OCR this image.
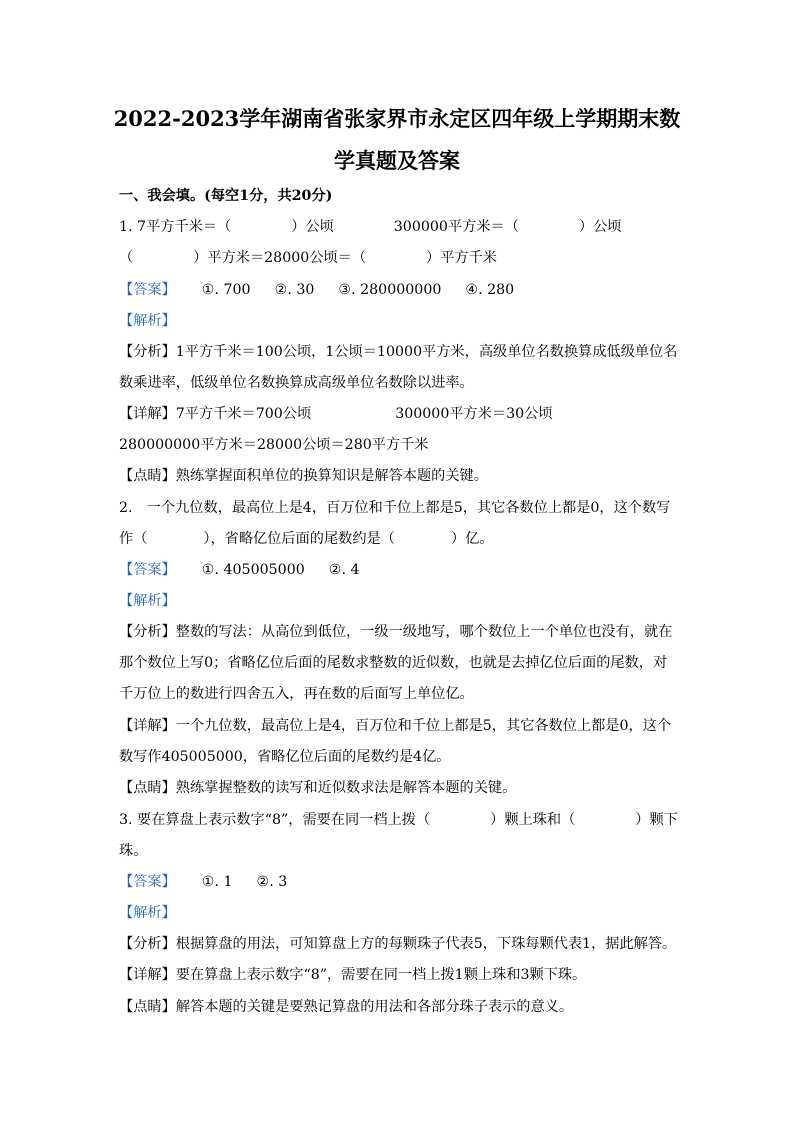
2022-2023学年湖南省张家界市永定区四年级上学期期末数
学真题及答案
一、我会填。(每空1分，共20分)
1. 7平方千米＝（	）公顷	300000平方米＝（	）公顷
（	）平方米＝28000公顷＝（	）平方千米
【答案】 ①. 700 ②. 30 ③. 280000000 ④. 280
【解析】
【分析】1平方千米＝100公顷，1公顷＝10000平方米，高级单位名数换算成低级单位名
数乘进率，低级单位名数换算成高级单位名数除以进率。
【详解】7平方千米＝700公顷	300000平方米＝30公顷
280000000平方米＝28000公顷＝280平方千米
【点睛】熟练掌握面积单位的换算知识是解答本题的关键。
2.　一个九位数，最高位上是4，百万位和千位上都是5，其它各数位上都是0，这个数写
作（	），省略亿位后面的尾数约是（	）亿。
【答案】 ①. 405005000 ②. 4
【解析】
【分析】整数的写法：从高位到低位，一级一级地写，哪个数位上一个单位也没有，就在
那个数位上写0；省略亿位后面的尾数求整数的近似数，也就是去掉亿位后面的尾数，对
千万位上的数进行四舍五入，再在数的后面写上单位亿。
【详解】一个九位数，最高位上是4，百万位和千位上都是5，其它各数位上都是0，这个
数写作405005000，省略亿位后面的尾数约是4亿。
【点睛】熟练掌握整数的读写和近似数求法是解答本题的关键。
3. 要在算盘上表示数字“8”，需要在同一档上拨（	）颗上珠和（	）颗下
珠。
【答案】 ①. 1 ②. 3
【解析】
【分析】根据算盘的用法，可知算盘上方的每颗珠子代表5，下珠每颗代表1，据此解答。
【详解】要在算盘上表示数字“8”，需要在同一档上拨1颗上珠和3颗下珠。
【点睛】解答本题的关键是要熟记算盘的用法和各部分珠子表示的意义。
